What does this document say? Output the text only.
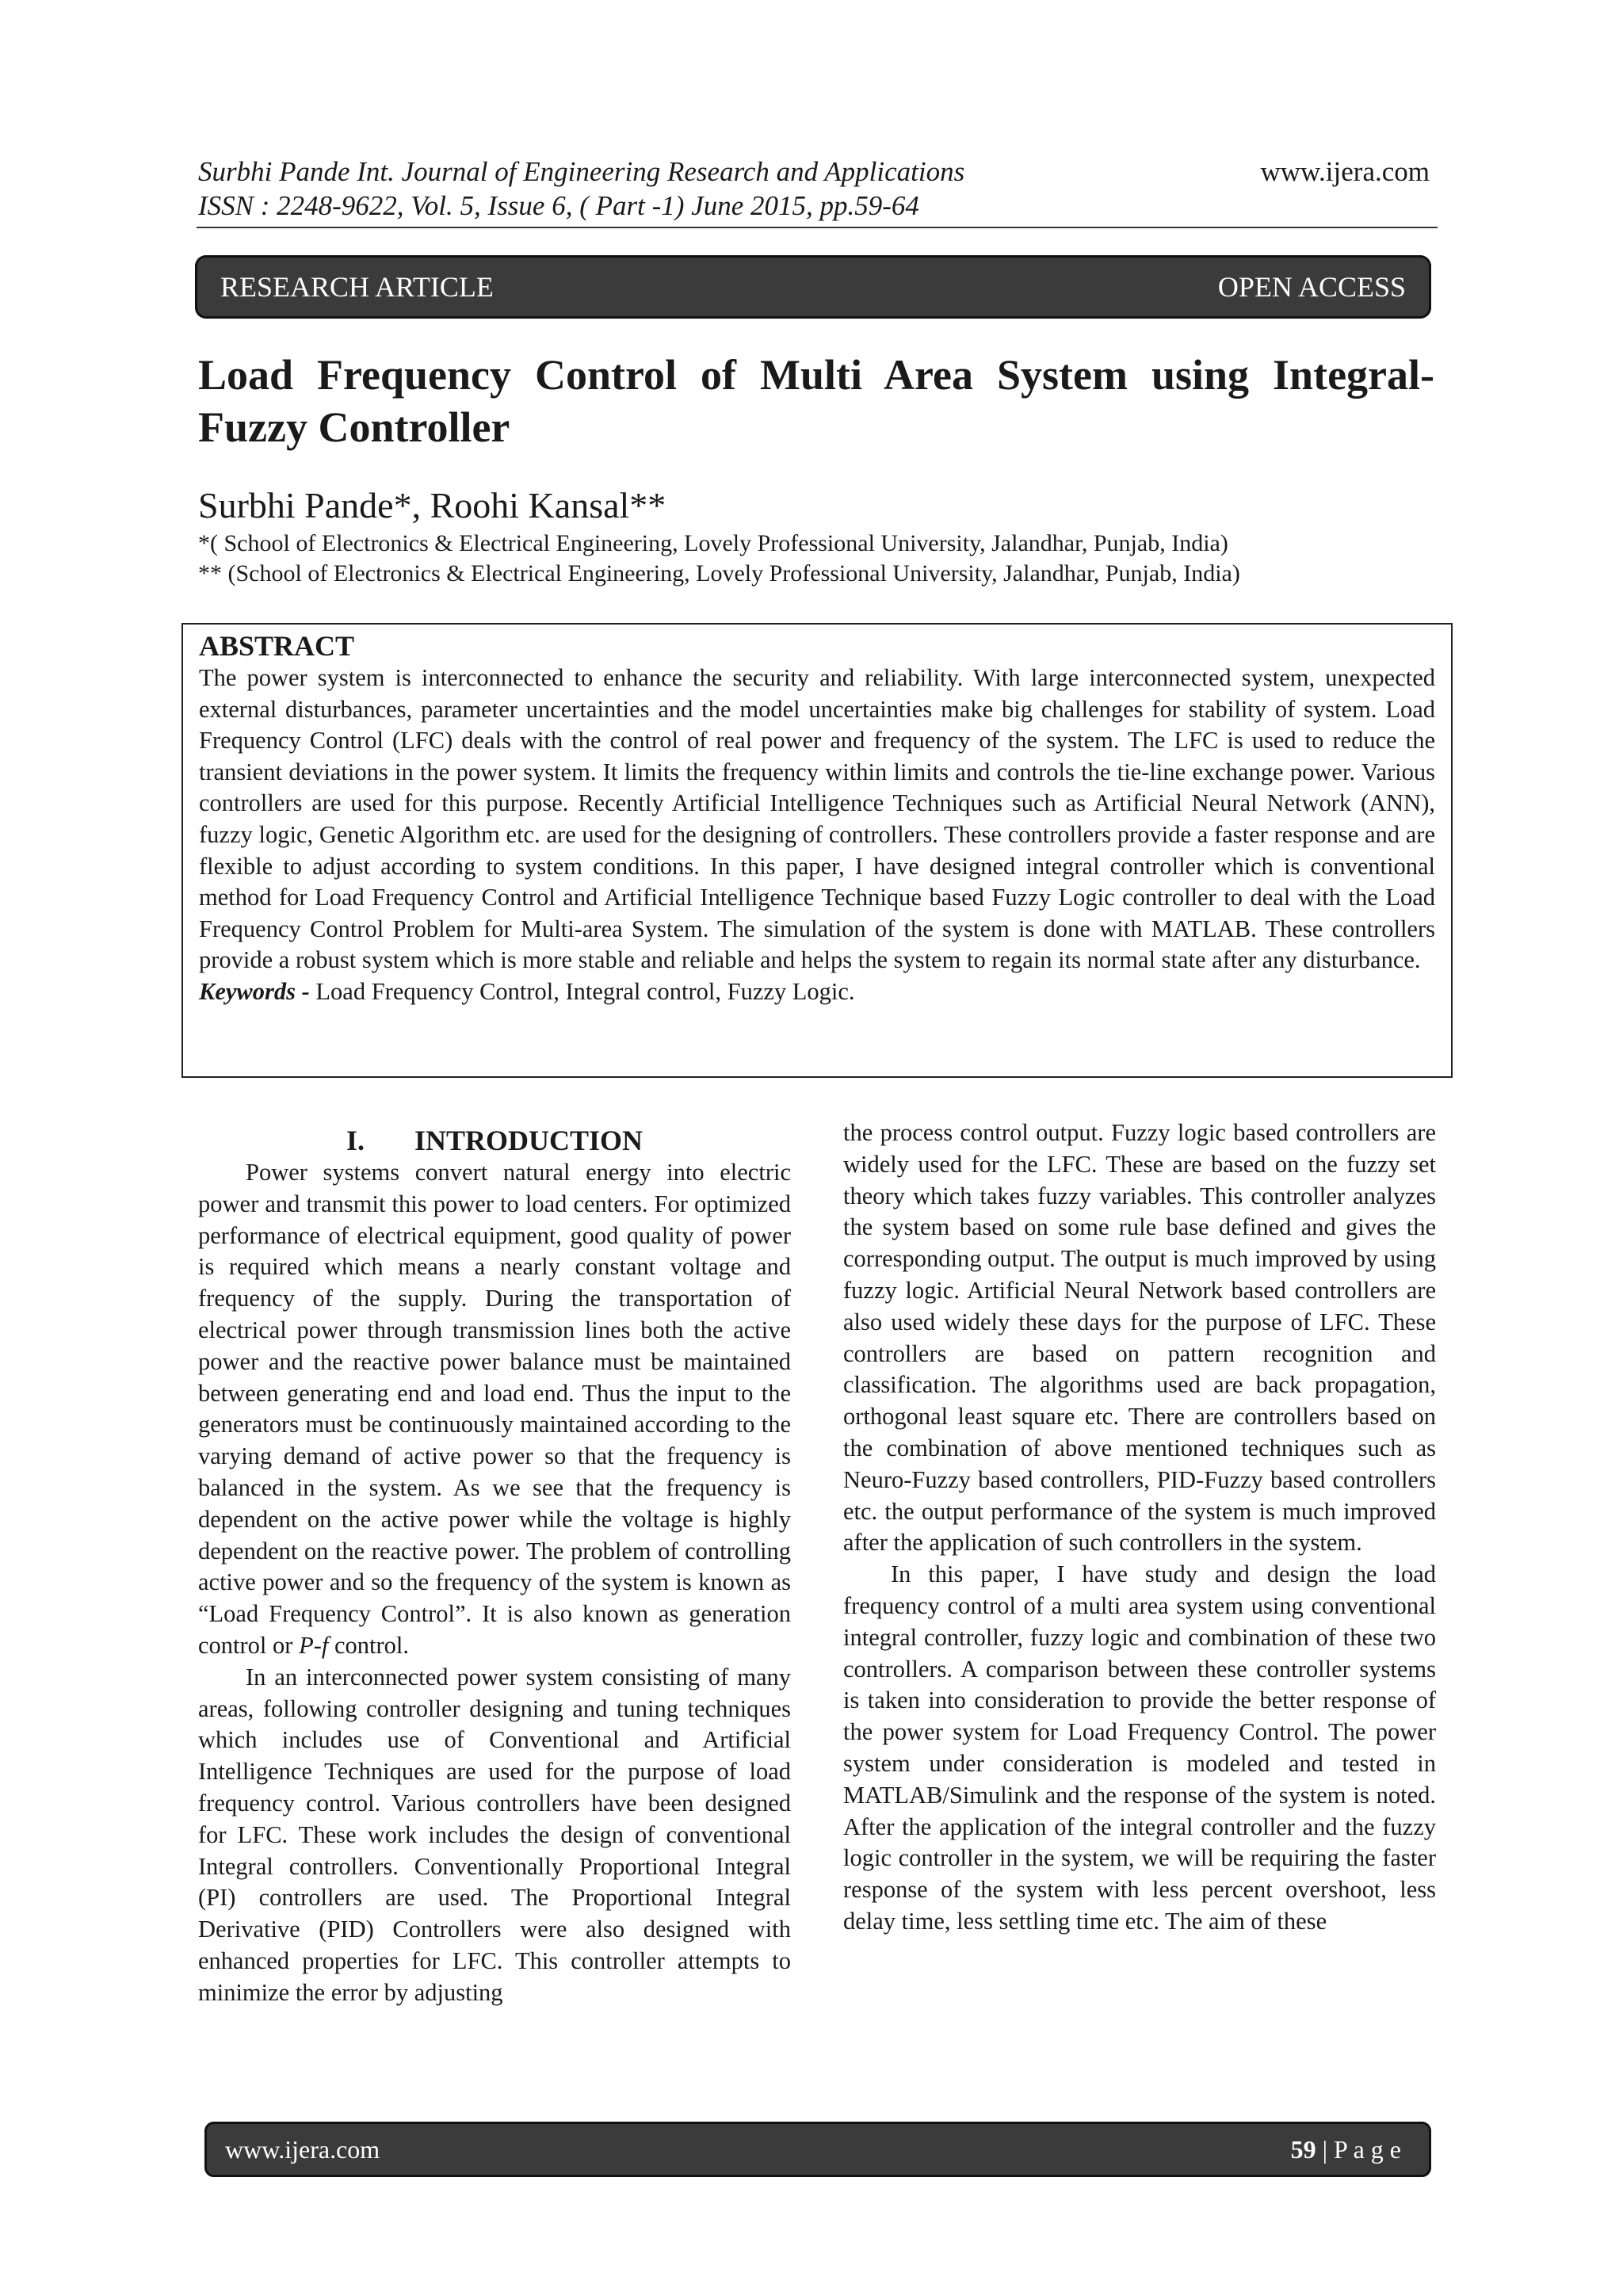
Surbhi Pande Int. Journal of Engineering Research and Applications
ISSN : 2248-9622, Vol. 5, Issue 6, ( Part -1) June 2015, pp.59-64
www.ijera.com
RESEARCH ARTICLE	OPEN ACCESS
Load Frequency Control of Multi Area System using Integral-Fuzzy Controller
Surbhi Pande*, Roohi Kansal**
*( School of Electronics & Electrical Engineering, Lovely Professional University, Jalandhar, Punjab, India)
** (School of Electronics & Electrical Engineering, Lovely Professional University, Jalandhar, Punjab, India)
ABSTRACT
The power system is interconnected to enhance the security and reliability. With large interconnected system, unexpected external disturbances, parameter uncertainties and the model uncertainties make big challenges for stability of system. Load Frequency Control (LFC) deals with the control of real power and frequency of the system. The LFC is used to reduce the transient deviations in the power system. It limits the frequency within limits and controls the tie-line exchange power. Various controllers are used for this purpose. Recently Artificial Intelligence Techniques such as Artificial Neural Network (ANN), fuzzy logic, Genetic Algorithm etc. are used for the designing of controllers. These controllers provide a faster response and are flexible to adjust according to system conditions. In this paper, I have designed integral controller which is conventional method for Load Frequency Control and Artificial Intelligence Technique based Fuzzy Logic controller to deal with the Load Frequency Control Problem for Multi-area System. The simulation of the system is done with MATLAB. These controllers provide a robust system which is more stable and reliable and helps the system to regain its normal state after any disturbance.
Keywords - Load Frequency Control, Integral control, Fuzzy Logic.
I.       INTRODUCTION

Power systems convert natural energy into electric power and transmit this power to load centers. For optimized performance of electrical equipment, good quality of power is required which means a nearly constant voltage and frequency of the supply. During the transportation of electrical power through transmission lines both the active power and the reactive power balance must be maintained between generating end and load end. Thus the input to the generators must be continuously maintained according to the varying demand of active power so that the frequency is balanced in the system. As we see that the frequency is dependent on the active power while the voltage is highly dependent on the reactive power. The problem of controlling active power and so the frequency of the system is known as “Load Frequency Control”. It is also known as generation control or P-f control.

In an interconnected power system consisting of many areas, following controller designing and tuning techniques which includes use of Conventional and Artificial Intelligence Techniques are used for the purpose of load frequency control. Various controllers have been designed for LFC. These work includes the design of conventional Integral controllers. Conventionally Proportional Integral (PI) controllers are used. The Proportional Integral Derivative (PID) Controllers were also designed with enhanced properties for LFC. This controller attempts to minimize the error by adjusting

the process control output. Fuzzy logic based controllers are widely used for the LFC. These are based on the fuzzy set theory which takes fuzzy variables. This controller analyzes the system based on some rule base defined and gives the corresponding output. The output is much improved by using fuzzy logic. Artificial Neural Network based controllers are also used widely these days for the purpose of LFC. These controllers are based on pattern recognition and classification. The algorithms used are back propagation, orthogonal least square etc. There are controllers based on the combination of above mentioned techniques such as Neuro-Fuzzy based controllers, PID-Fuzzy based controllers etc. the output performance of the system is much improved after the application of such controllers in the system.

In this paper, I have study and design the load frequency control of a multi area system using conventional integral controller, fuzzy logic and combination of these two controllers. A comparison between these controller systems is taken into consideration to provide the better response of the power system for Load Frequency Control. The power system under consideration is modeled and tested in MATLAB/Simulink and the response of the system is noted. After the application of the integral controller and the fuzzy logic controller in the system, we will be requiring the faster response of the system with less percent overshoot, less delay time, less settling time etc. The aim of these

www.ijera.com	59 | P a g e
